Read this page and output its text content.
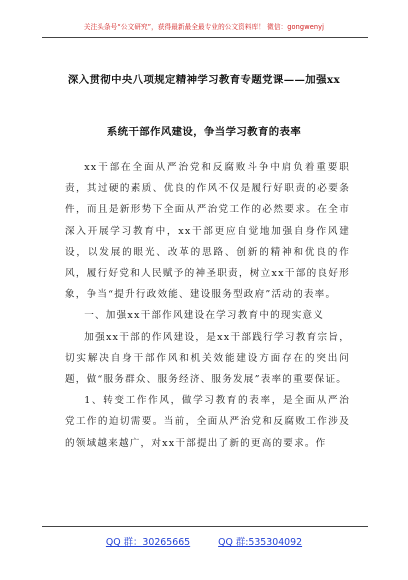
关注头条号“公文研究”，获得最新最全最专业的公文资料库！ 微信：gongwenyj
深入贯彻中央八项规定精神学习教育专题党课——加强xx
系统干部作风建设，争当学习教育的表率

xx干部在全面从严治党和反腐败斗争中肩负着重要职责，其过硬的素质、优良的作风不仅是履行好职责的必要条件，而且是新形势下全面从严治党工作的必然要求。在全市深入开展学习教育中，xx干部更应自觉地加强自身作风建设，以发展的眼光、改革的思路、创新的精神和优良的作风，履行好党和人民赋予的神圣职责，树立xx干部的良好形象，争当“提升行政效能、建设服务型政府”活动的表率。

一、加强xx干部作风建设在学习教育中的现实意义

加强xx干部的作风建设，是xx干部践行学习教育宗旨，切实解决自身干部作风和机关效能建设方面存在的突出问题，做“服务群众、服务经济、服务发展”表率的重要保证。

1、转变工作作风，做学习教育的表率，是全面从严治党工作的迫切需要。当前，全面从严治党和反腐败工作涉及的领域越来越广，对xx干部提出了新的更高的要求。作

QQ 群：30265665	QQ 群:535304092
